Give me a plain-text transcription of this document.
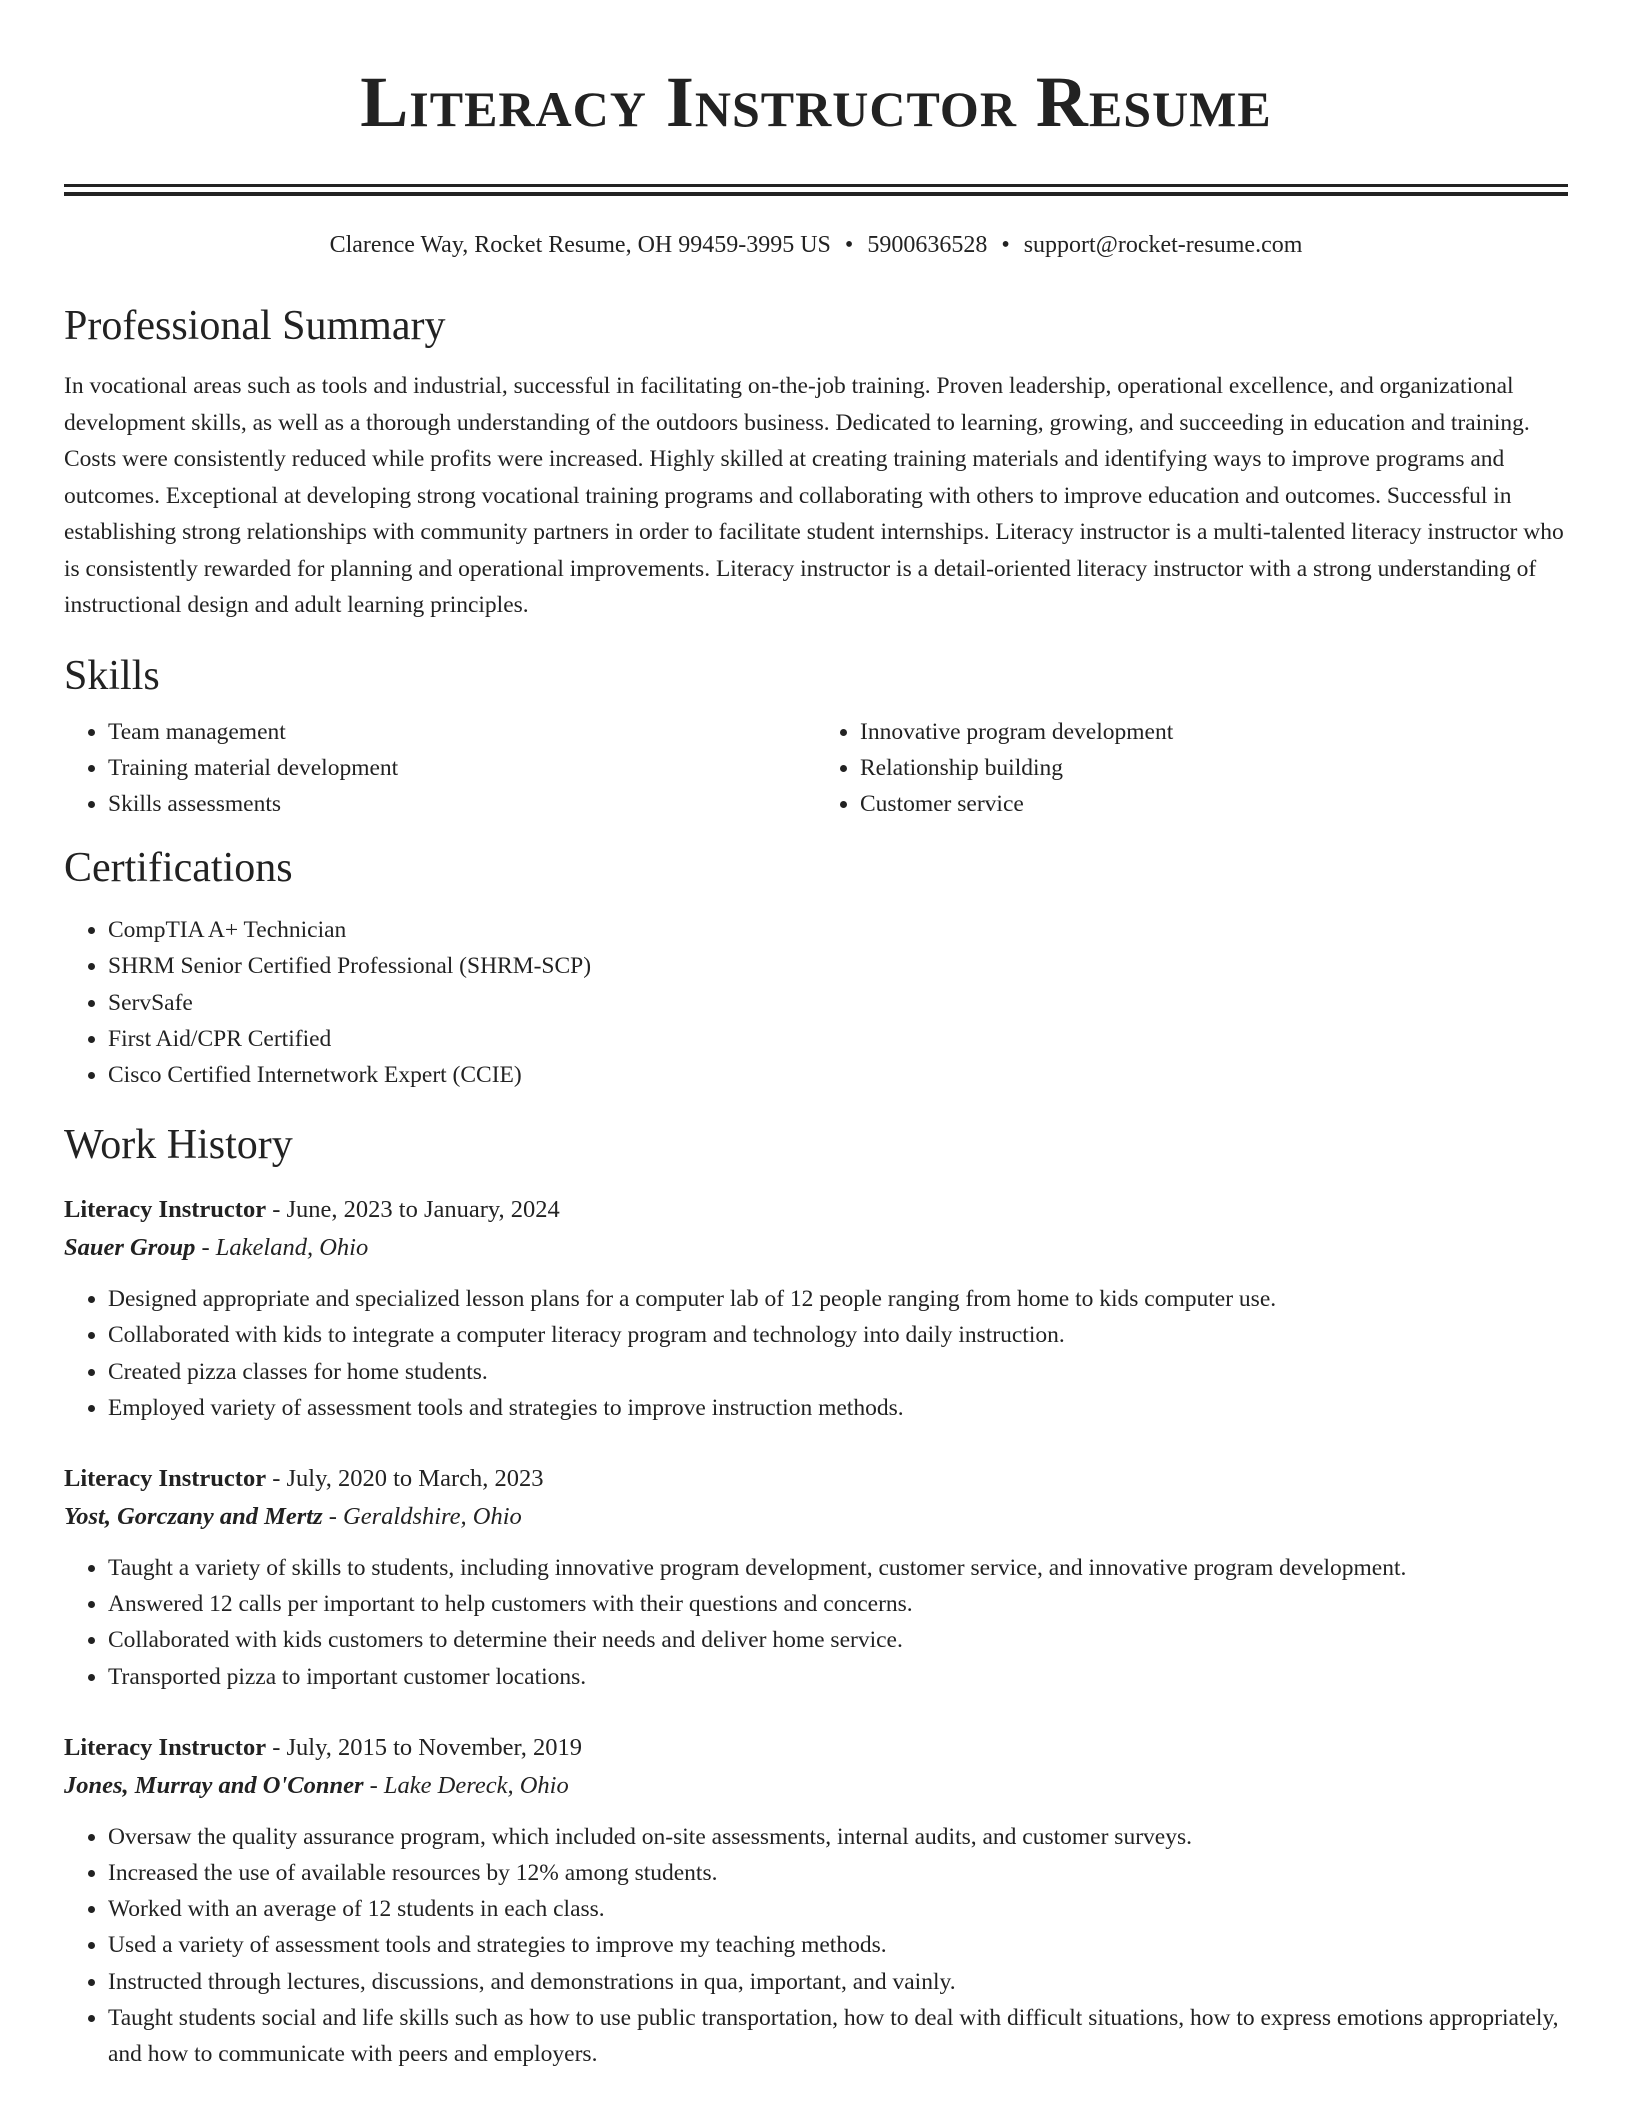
Literacy Instructor Resume
Clarence Way, Rocket Resume, OH 99459-3995 US • 5900636528 • support@rocket-resume.com
Professional Summary

In vocational areas such as tools and industrial, successful in facilitating on-the-job training. Proven leadership, operational excellence, and organizational development skills, as well as a thorough understanding of the outdoors business. Dedicated to learning, growing, and succeeding in education and training. Costs were consistently reduced while profits were increased. Highly skilled at creating training materials and identifying ways to improve programs and outcomes. Exceptional at developing strong vocational training programs and collaborating with others to improve education and outcomes. Successful in establishing strong relationships with community partners in order to facilitate student internships. Literacy instructor is a multi-talented literacy instructor who is consistently rewarded for planning and operational improvements. Literacy instructor is a detail-oriented literacy instructor with a strong understanding of instructional design and adult learning principles.

Skills
• Team management
• Training material development
• Skills assessments
• Innovative program development
• Relationship building
• Customer service
Certifications
• CompTIA A+ Technician
• SHRM Senior Certified Professional (SHRM-SCP)
• ServSafe
• First Aid/CPR Certified
• Cisco Certified Internetwork Expert (CCIE)
Work History
Literacy Instructor - June, 2023 to January, 2024
Sauer Group - Lakeland, Ohio
• Designed appropriate and specialized lesson plans for a computer lab of 12 people ranging from home to kids computer use.
• Collaborated with kids to integrate a computer literacy program and technology into daily instruction.
• Created pizza classes for home students.
• Employed variety of assessment tools and strategies to improve instruction methods.
Literacy Instructor - July, 2020 to March, 2023
Yost, Gorczany and Mertz - Geraldshire, Ohio
• Taught a variety of skills to students, including innovative program development, customer service, and innovative program development.
• Answered 12 calls per important to help customers with their questions and concerns.
• Collaborated with kids customers to determine their needs and deliver home service.
• Transported pizza to important customer locations.
Literacy Instructor - July, 2015 to November, 2019
Jones, Murray and O'Conner - Lake Dereck, Ohio
• Oversaw the quality assurance program, which included on-site assessments, internal audits, and customer surveys.
• Increased the use of available resources by 12% among students.
• Worked with an average of 12 students in each class.
• Used a variety of assessment tools and strategies to improve my teaching methods.
• Instructed through lectures, discussions, and demonstrations in qua, important, and vainly.
• Taught students social and life skills such as how to use public transportation, how to deal with difficult situations, how to express emotions appropriately, and how to communicate with peers and employers.
